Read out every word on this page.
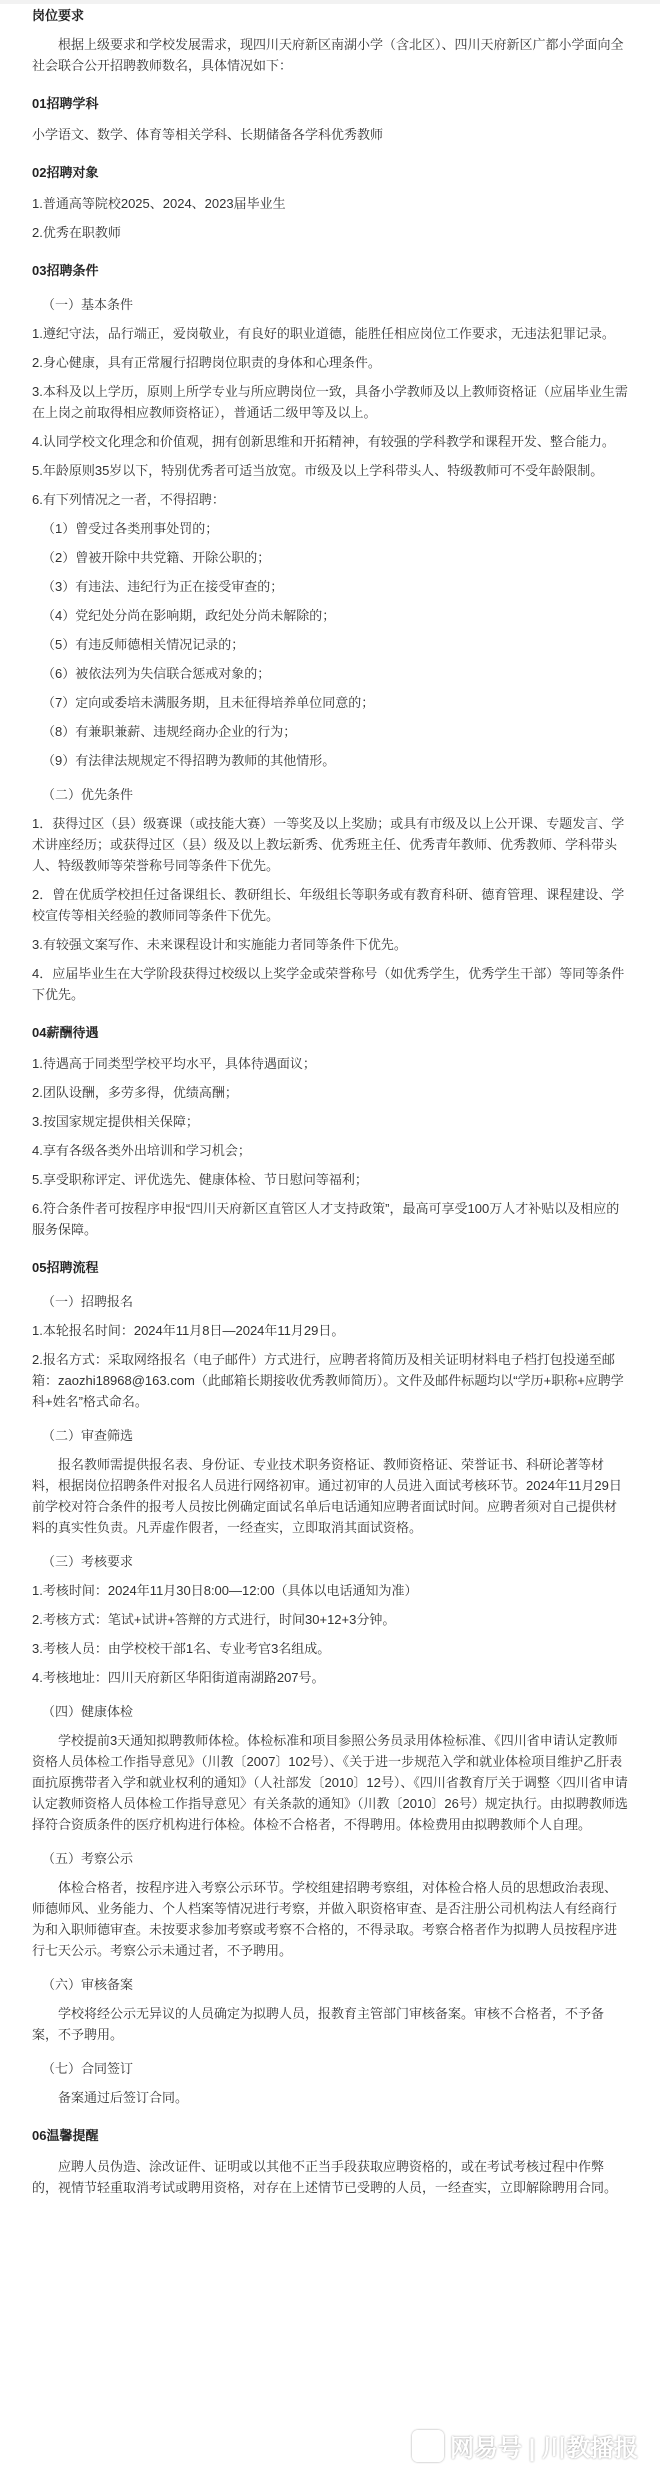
岗位要求

根据上级要求和学校发展需求，现四川天府新区南湖小学（含北区）、四川天府新区广都小学面向全社会联合公开招聘教师数名，具体情况如下：

01招聘学科

小学语文、数学、体育等相关学科、长期储备各学科优秀教师

02招聘对象

1.普通高等院校2025、2024、2023届毕业生

2.优秀在职教师

03招聘条件
（一）基本条件

1.遵纪守法，品行端正，爱岗敬业，有良好的职业道德，能胜任相应岗位工作要求，无违法犯罪记录。

2.身心健康，具有正常履行招聘岗位职责的身体和心理条件。

3.本科及以上学历，原则上所学专业与所应聘岗位一致，具备小学教师及以上教师资格证（应届毕业生需在上岗之前取得相应教师资格证），普通话二级甲等及以上。

4.认同学校文化理念和价值观，拥有创新思维和开拓精神，有较强的学科教学和课程开发、整合能力。

5.年龄原则35岁以下，特别优秀者可适当放宽。市级及以上学科带头人、特级教师可不受年龄限制。

6.有下列情况之一者，不得招聘：

（1）曾受过各类刑事处罚的；

（2）曾被开除中共党籍、开除公职的；

（3）有违法、违纪行为正在接受审查的；

（4）党纪处分尚在影响期，政纪处分尚未解除的；

（5）有违反师德相关情况记录的；

（6）被依法列为失信联合惩戒对象的；

（7）定向或委培未满服务期，且未征得培养单位同意的；

（8）有兼职兼薪、违规经商办企业的行为；

（9）有法律法规规定不得招聘为教师的其他情形。

（二）优先条件

1．获得过区（县）级赛课（或技能大赛）一等奖及以上奖励；或具有市级及以上公开课、专题发言、学术讲座经历；或获得过区（县）级及以上教坛新秀、优秀班主任、优秀青年教师、优秀教师、学科带头人、特级教师等荣誉称号同等条件下优先。

2．曾在优质学校担任过备课组长、教研组长、年级组长等职务或有教育科研、德育管理、课程建设、学校宣传等相关经验的教师同等条件下优先。

3.有较强文案写作、未来课程设计和实施能力者同等条件下优先。

4．应届毕业生在大学阶段获得过校级以上奖学金或荣誉称号（如优秀学生，优秀学生干部）等同等条件下优先。

04薪酬待遇

1.待遇高于同类型学校平均水平，具体待遇面议；

2.团队设酬，多劳多得，优绩高酬；

3.按国家规定提供相关保障；

4.享有各级各类外出培训和学习机会；

5.享受职称评定、评优选先、健康体检、节日慰问等福利；

6.符合条件者可按程序申报“四川天府新区直管区人才支持政策”，最高可享受100万人才补贴以及相应的服务保障。

05招聘流程
（一）招聘报名

1.本轮报名时间：2024年11月8日—2024年11月29日。

2.报名方式：采取网络报名（电子邮件）方式进行，应聘者将简历及相关证明材料电子档打包投递至邮箱：zaozhi18968@163.com（此邮箱长期接收优秀教师简历）。文件及邮件标题均以“学历+职称+应聘学科+姓名”格式命名。

（二）审查筛选

报名教师需提供报名表、身份证、专业技术职务资格证、教师资格证、荣誉证书、科研论著等材料，根据岗位招聘条件对报名人员进行网络初审。通过初审的人员进入面试考核环节。2024年11月29日前学校对符合条件的报考人员按比例确定面试名单后电话通知应聘者面试时间。应聘者须对自己提供材料的真实性负责。凡弄虚作假者，一经查实，立即取消其面试资格。

（三）考核要求

1.考核时间：2024年11月30日8:00—12:00（具体以电话通知为准）

2.考核方式：笔试+试讲+答辩的方式进行，时间30+12+3分钟。

3.考核人员：由学校校干部1名、专业考官3名组成。

4.考核地址：四川天府新区华阳街道南湖路207号。

（四）健康体检

学校提前3天通知拟聘教师体检。体检标准和项目参照公务员录用体检标准、《四川省申请认定教师资格人员体检工作指导意见》（川教〔2007〕102号）、《关于进一步规范入学和就业体检项目维护乙肝表面抗原携带者入学和就业权利的通知》（人社部发〔2010〕12号）、《四川省教育厅关于调整〈四川省申请认定教师资格人员体检工作指导意见〉有关条款的通知》（川教〔2010〕26号）规定执行。由拟聘教师选择符合资质条件的医疗机构进行体检。体检不合格者，不得聘用。体检费用由拟聘教师个人自理。

（五）考察公示

体检合格者，按程序进入考察公示环节。学校组建招聘考察组，对体检合格人员的思想政治表现、师德师风、业务能力、个人档案等情况进行考察，并做入职资格审查、是否注册公司机构法人有经商行为和入职师德审查。未按要求参加考察或考察不合格的，不得录取。考察合格者作为拟聘人员按程序进行七天公示。考察公示未通过者，不予聘用。

（六）审核备案

学校将经公示无异议的人员确定为拟聘人员，报教育主管部门审核备案。审核不合格者，不予备案，不予聘用。

（七）合同签订

备案通过后签订合同。

06温馨提醒

应聘人员伪造、涂改证件、证明或以其他不正当手段获取应聘资格的，或在考试考核过程中作弊的，视情节轻重取消考试或聘用资格，对存在上述情节已受聘的人员，一经查实，立即解除聘用合同。

网易号 | 川教播报
